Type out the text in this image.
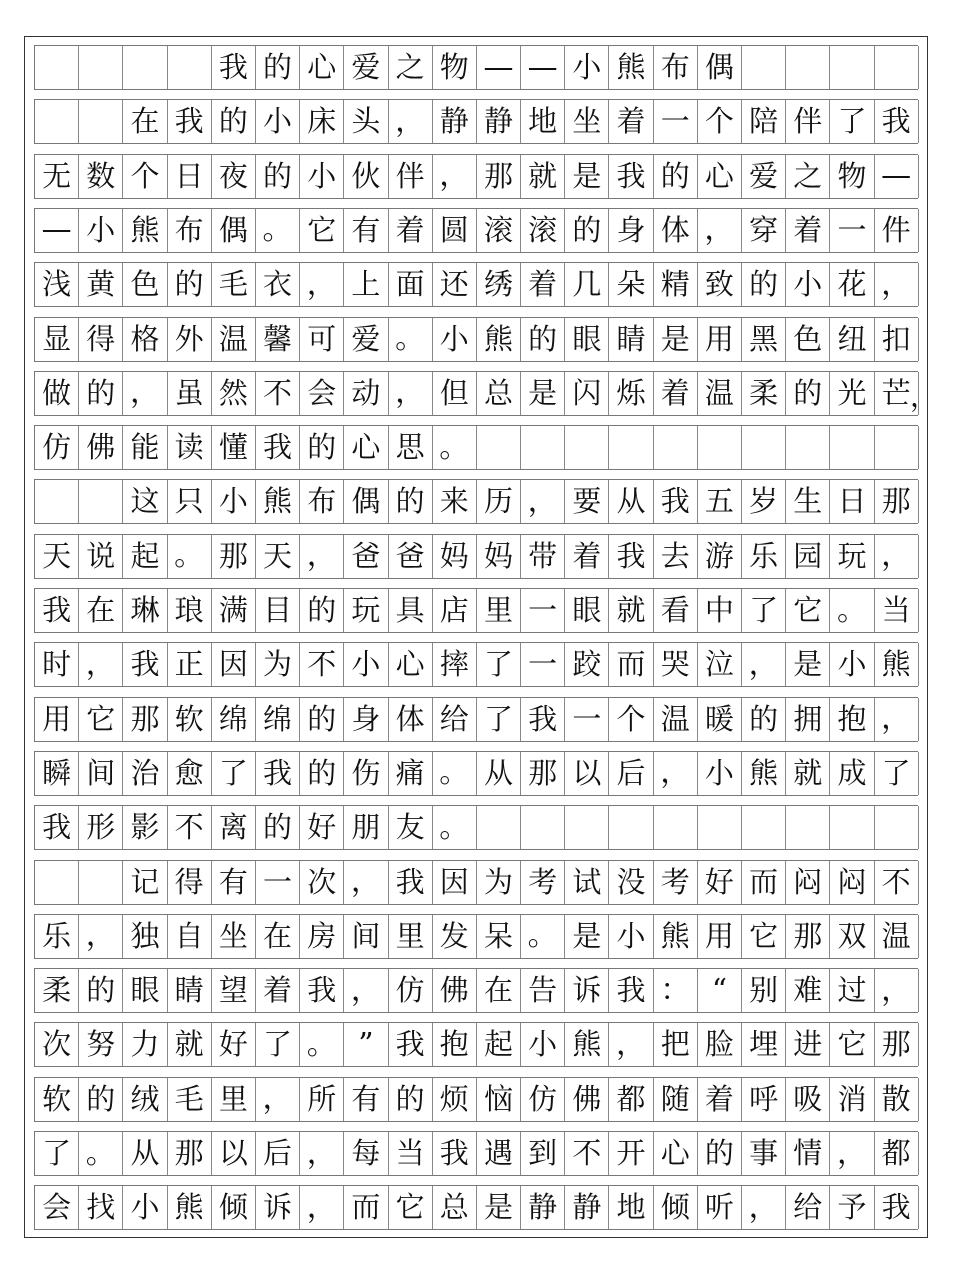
我 的 心 爱 之 物 — — 小 熊 布 偶
在 我 的 小 床 头 ， 静 静 地 坐 着 一 个 陪 伴 了 我
无 数 个 日 夜 的 小 伙 伴 ， 那 就 是 我 的 心 爱 之 物 —
— 小 熊 布 偶 。 它 有 着 圆 滚 滚 的 身 体 ， 穿 着 一 件
浅 黄 色 的 毛 衣 ， 上 面 还 绣 着 几 朵 精 致 的 小 花 ，
显 得 格 外 温 馨 可 爱 。 小 熊 的 眼 睛 是 用 黑 色 纽 扣
做 的 ， 虽 然 不 会 动 ， 但 总 是 闪 烁 着 温 柔 的 光 芒
仿 佛 能 读 懂 我 的 心 思 。
这 只 小 熊 布 偶 的 来 历 ， 要 从 我 五 岁 生 日 那
天 说 起 。 那 天 ， 爸 爸 妈 妈 带 着 我 去 游 乐 园 玩 ，
我 在 琳 琅 满 目 的 玩 具 店 里 一 眼 就 看 中 了 它 。 当
时 ， 我 正 因 为 不 小 心 摔 了 一 跤 而 哭 泣 ， 是 小 熊
用 它 那 软 绵 绵 的 身 体 给 了 我 一 个 温 暖 的 拥 抱 ，
瞬 间 治 愈 了 我 的 伤 痛 。 从 那 以 后 ， 小 熊 就 成 了
我 形 影 不 离 的 好 朋 友 。
记 得 有 一 次 ， 我 因 为 考 试 没 考 好 而 闷 闷 不
乐 ， 独 自 坐 在 房 间 里 发 呆 。 是 小 熊 用 它 那 双 温
柔 的 眼 睛 望 着 我 ， 仿 佛 在 告 诉 我 ： “ 别 难 过 ，
次 努 力 就 好 了 。 ” 我 抱 起 小 熊 ， 把 脸 埋 进 它 那
软 的 绒 毛 里 ， 所 有 的 烦 恼 仿 佛 都 随 着 呼 吸 消 散
了 。 从 那 以 后 ， 每 当 我 遇 到 不 开 心 的 事 情 ， 都
会 找 小 熊 倾 诉 ， 而 它 总 是 静 静 地 倾 听 ， 给 予 我
，
